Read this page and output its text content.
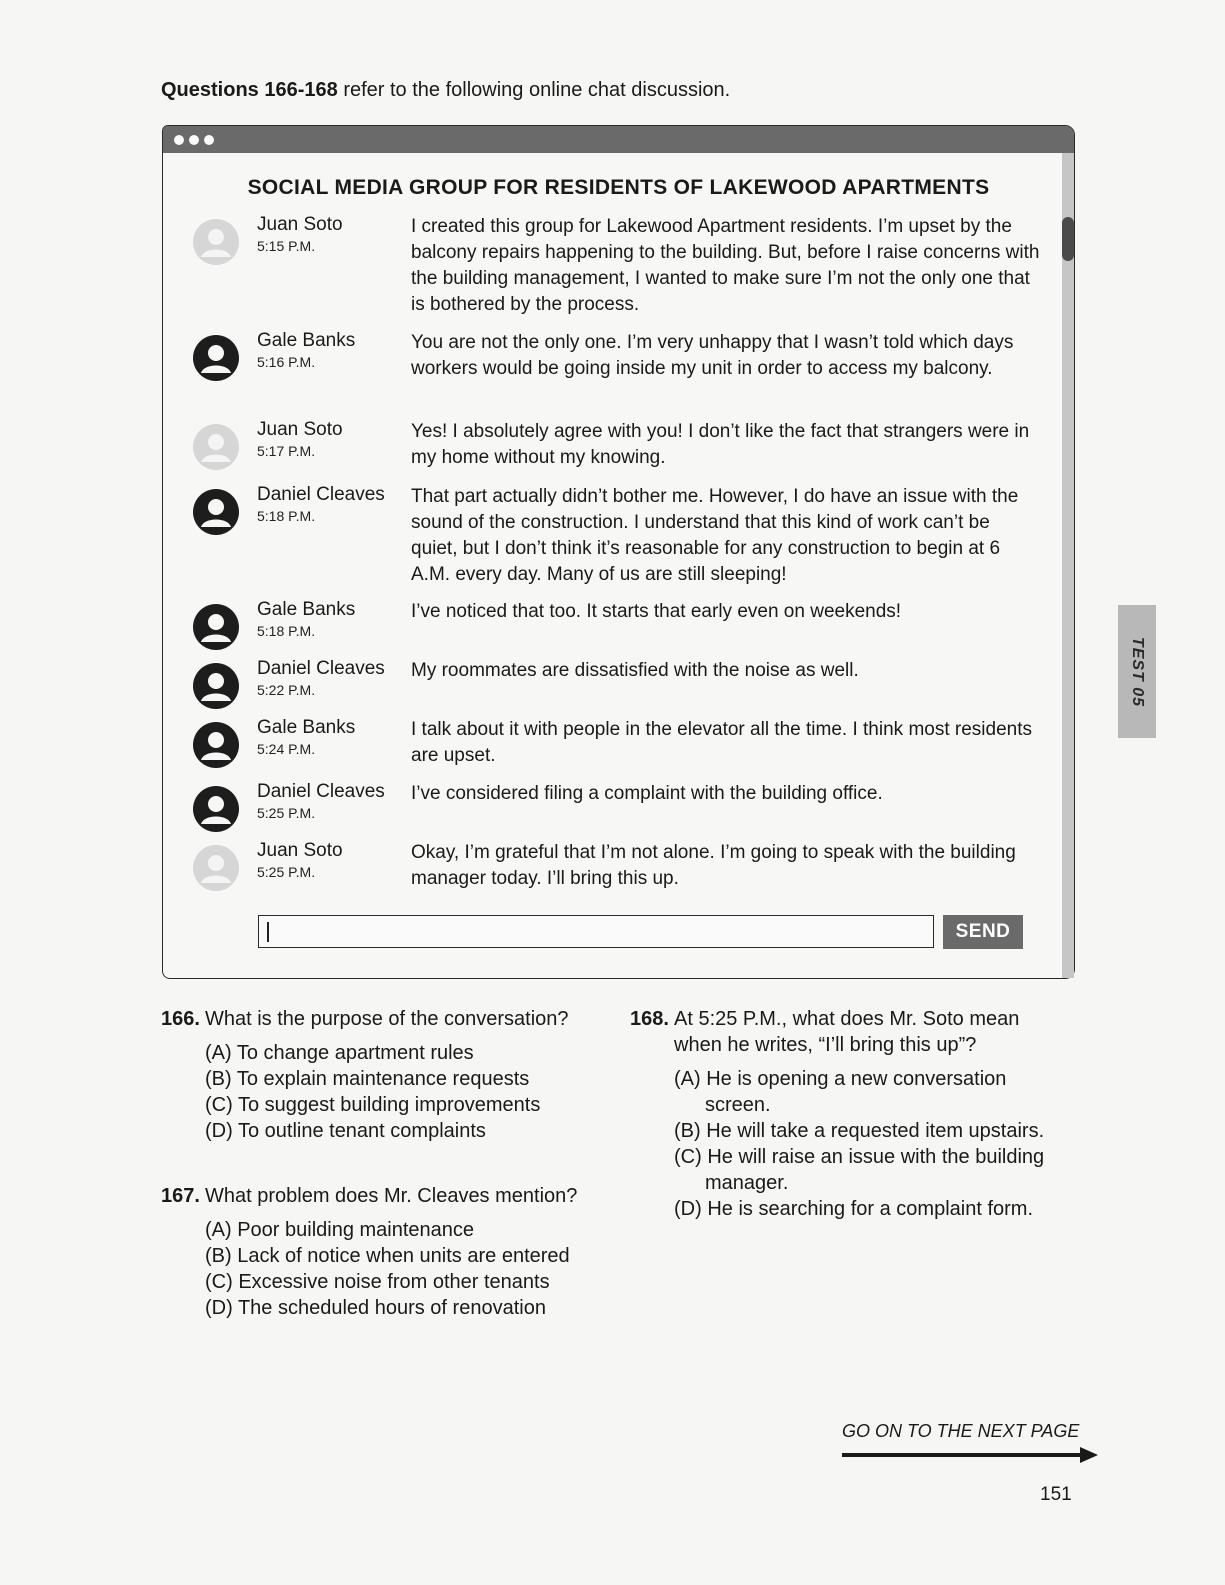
Questions 166-168 refer to the following online chat discussion.
SOCIAL MEDIA GROUP FOR RESIDENTS OF LAKEWOOD APARTMENTS
Juan Soto
5:15 P.M.
I created this group for Lakewood Apartment residents. I’m upset by the balcony repairs happening to the building. But, before I raise concerns with the building management, I wanted to make sure I’m not the only one that is bothered by the process.
Gale Banks
5:16 P.M.
You are not the only one. I’m very unhappy that I wasn’t told which days workers would be going inside my unit in order to access my balcony.
Juan Soto
5:17 P.M.
Yes! I absolutely agree with you! I don’t like the fact that strangers were in my home without my knowing.
Daniel Cleaves
5:18 P.M.
That part actually didn’t bother me. However, I do have an issue with the sound of the construction. I understand that this kind of work can’t be quiet, but I don’t think it’s reasonable for any construction to begin at 6 A.M. every day. Many of us are still sleeping!
Gale Banks
5:18 P.M.
I’ve noticed that too. It starts that early even on weekends!
Daniel Cleaves
5:22 P.M.
My roommates are dissatisfied with the noise as well.
Gale Banks
5:24 P.M.
I talk about it with people in the elevator all the time. I think most residents are upset.
Daniel Cleaves
5:25 P.M.
I’ve considered filing a complaint with the building office.
Juan Soto
5:25 P.M.
Okay, I’m grateful that I’m not alone. I’m going to speak with the building manager today. I’ll bring this up.
SEND
166. What is the purpose of the conversation?
(A) To change apartment rules
(B) To explain maintenance requests
(C) To suggest building improvements
(D) To outline tenant complaints
167. What problem does Mr. Cleaves mention?
(A) Poor building maintenance
(B) Lack of notice when units are entered
(C) Excessive noise from other tenants
(D) The scheduled hours of renovation
168. At 5:25 P.M., what does Mr. Soto mean when he writes, “I’ll bring this up”?
(A) He is opening a new conversation screen.
(B) He will take a requested item upstairs.
(C) He will raise an issue with the building manager.
(D) He is searching for a complaint form.
TEST 05
GO ON TO THE NEXT PAGE
151
